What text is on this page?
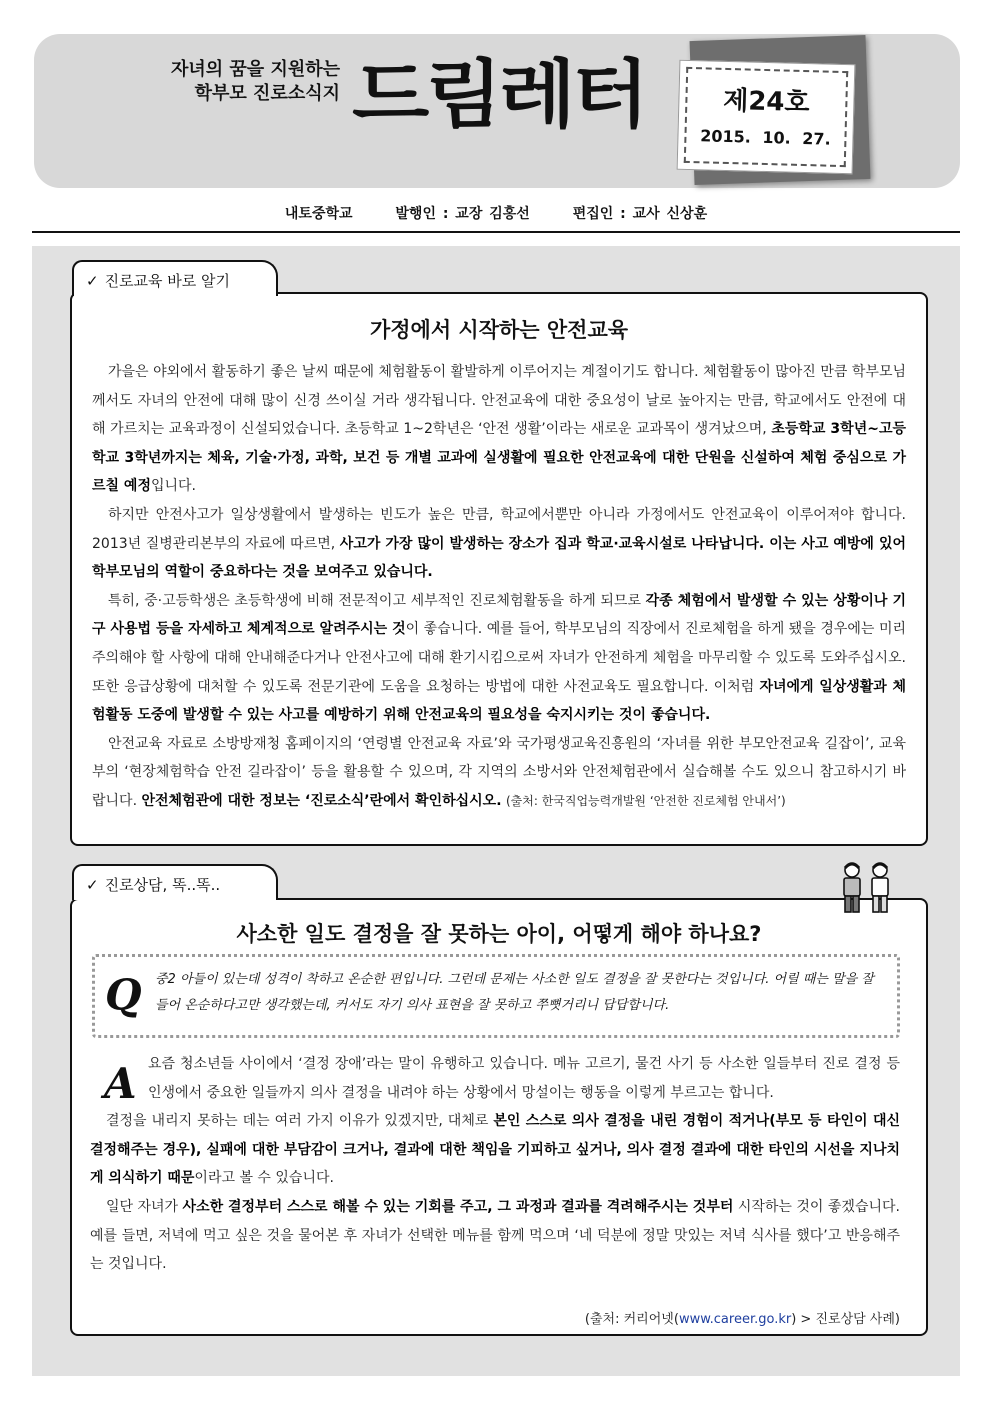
자녀의 꿈을 지원하는
학부모 진로소식지 드림레터	제24호
2015. 10. 27.
내토중학교	발행인 : 교장 김홍선	편집인 : 교사 신상훈
가정에서 시작하는 안전교육

가을은 야외에서 활동하기 좋은 날씨 때문에 체험활동이 활발하게 이루어지는 계절이기도 합니다. 체험활동이 많아진 만큼 학부모님께서도 자녀의 안전에 대해 많이 신경 쓰이실 거라 생각됩니다. 안전교육에 대한 중요성이 날로 높아지는 만큼, 학교에서도 안전에 대해 가르치는 교육과정이 신설되었습니다. 초등학교 1~2학년은 ‘안전 생활’이라는 새로운 교과목이 생겨났으며, 초등학교 3학년~고등학교 3학년까지는 체육, 기술·가정, 과학, 보건 등 개별 교과에 실생활에 필요한 안전교육에 대한 단원을 신설하여 체험 중심으로 가르칠 예정입니다.

하지만 안전사고가 일상생활에서 발생하는 빈도가 높은 만큼, 학교에서뿐만 아니라 가정에서도 안전교육이 이루어져야 합니다. 2013년 질병관리본부의 자료에 따르면, 사고가 가장 많이 발생하는 장소가 집과 학교·교육시설로 나타납니다. 이는 사고 예방에 있어 학부모님의 역할이 중요하다는 것을 보여주고 있습니다.

특히, 중·고등학생은 초등학생에 비해 전문적이고 세부적인 진로체험활동을 하게 되므로 각종 체험에서 발생할 수 있는 상황이나 기구 사용법 등을 자세하고 체계적으로 알려주시는 것이 좋습니다. 예를 들어, 학부모님의 직장에서 진로체험을 하게 됐을 경우에는 미리 주의해야 할 사항에 대해 안내해준다거나 안전사고에 대해 환기시킴으로써 자녀가 안전하게 체험을 마무리할 수 있도록 도와주십시오. 또한 응급상황에 대처할 수 있도록 전문기관에 도움을 요청하는 방법에 대한 사전교육도 필요합니다. 이처럼 자녀에게 일상생활과 체험활동 도중에 발생할 수 있는 사고를 예방하기 위해 안전교육의 필요성을 숙지시키는 것이 좋습니다.

안전교육 자료로 소방방재청 홈페이지의 ‘연령별 안전교육 자료’와 국가평생교육진흥원의 ‘자녀를 위한 부모안전교육 길잡이’, 교육부의 ‘현장체험학습 안전 길라잡이’ 등을 활용할 수 있으며, 각 지역의 소방서와 안전체험관에서 실습해볼 수도 있으니 참고하시기 바랍니다. 안전체험관에 대한 정보는 ‘진로소식’란에서 확인하십시오. (출처: 한국직업능력개발원 ‘안전한 진로체험 안내서’)

✓ 진로교육 바로 알기
사소한 일도 결정을 잘 못하는 아이, 어떻게 해야 하나요?
✓ 진로상담, 똑..똑..
Q 중2 아들이 있는데 성격이 착하고 온순한 편입니다. 그런데 문제는 사소한 일도 결정을 잘 못한다는 것입니다. 어릴 때는 말을 잘 들어 온순하다고만 생각했는데, 커서도 자기 의사 표현을 잘 못하고 쭈뼛거리니 답답합니다.
A 요즘 청소년들 사이에서 ‘결정 장애’라는 말이 유행하고 있습니다. 메뉴 고르기, 물건 사기 등 사소한 일들부터 진로 결정 등 인생에서 중요한 일들까지 의사 결정을 내려야 하는 상황에서 망설이는 행동을 이렇게 부르고는 합니다.

결정을 내리지 못하는 데는 여러 가지 이유가 있겠지만, 대체로 본인 스스로 의사 결정을 내린 경험이 적거나(부모 등 타인이 대신 결정해주는 경우), 실패에 대한 부담감이 크거나, 결과에 대한 책임을 기피하고 싶거나, 의사 결정 결과에 대한 타인의 시선을 지나치게 의식하기 때문이라고 볼 수 있습니다.

일단 자녀가 사소한 결정부터 스스로 해볼 수 있는 기회를 주고, 그 과정과 결과를 격려해주시는 것부터 시작하는 것이 좋겠습니다. 예를 들면, 저녁에 먹고 싶은 것을 물어본 후 자녀가 선택한 메뉴를 함께 먹으며 ‘네 덕분에 정말 맛있는 저녁 식사를 했다’고 반응해주는 것입니다.

(출처: 커리어넷(www.career.go.kr) > 진로상담 사례)
